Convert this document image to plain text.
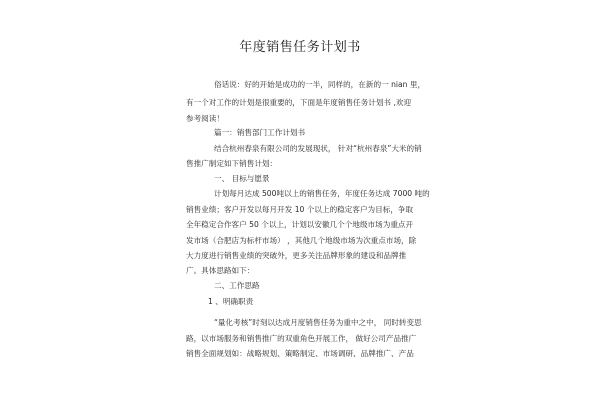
年度销售任务计划书
俗话说：好的开始是成功的一半，同样的，在新的一 nian 里，
有一个对工作的计划是很重要的，下面是年度销售任务计划书 ,欢迎
参考阅读！
篇一：销售部门工作计划书
结合杭州春泉有限公司的发展现状， 针对“杭州春泉”大米的销
售推广制定如下销售计划：
一、 目标与愿景
计划每月达成 500吨以上的销售任务，年度任务达成 7000 吨的
销售业绩；客户开发以每月开发 10 个以上的稳定客户为目标，争取
全年稳定合作客户 50 个以上，计划以安徽几个个地级市场为重点开
发市场（合肥店为标杆市场） ，其他几个地级市场为次重点市场，除
大力度进行销售业绩的突破外，更多关注品牌形象的建设和品牌推
广。具体思路如下：
二、工作思路
1 、明确职责
“量化考核”时刻以达成月度销售任务为重中之中， 同时转变思
路，以市场服务和销售推广的双重角色开展工作， 做好公司产品推广
销售全面规划如：战略规划、策略制定、市场调研、品牌推广、产品
